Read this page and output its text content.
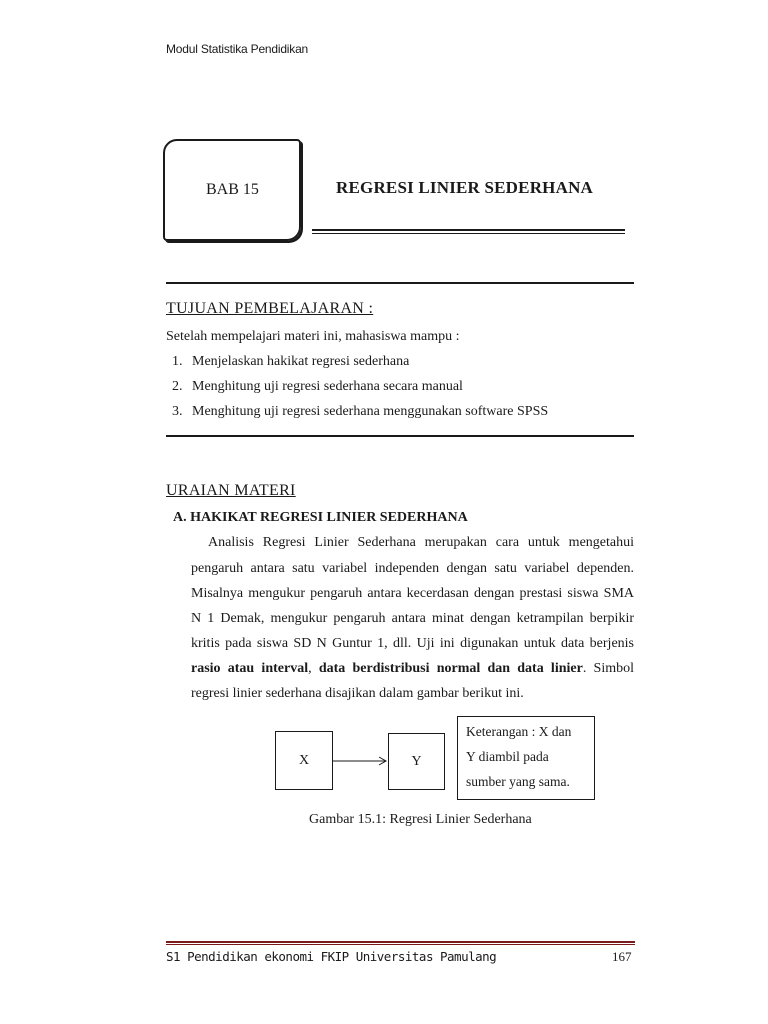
Modul Statistika Pendidikan
BAB 15	REGRESI LINIER SEDERHANA
TUJUAN PEMBELAJARAN :
Setelah mempelajari materi ini, mahasiswa mampu :
1. Menjelaskan hakikat regresi sederhana
2. Menghitung uji regresi sederhana secara manual
3. Menghitung uji regresi sederhana menggunakan software SPSS
URAIAN MATERI
A. HAKIKAT REGRESI LINIER SEDERHANA
Analisis Regresi Linier Sederhana merupakan cara untuk mengetahui
pengaruh antara satu variabel independen dengan satu variabel dependen.
Misalnya mengukur pengaruh antara kecerdasan dengan prestasi siswa SMA
N 1 Demak, mengukur pengaruh antara minat dengan ketrampilan berpikir
kritis pada siswa SD N Guntur 1, dll. Uji ini digunakan untuk data berjenis
rasio atau interval, data berdistribusi normal dan data linier. Simbol
regresi linier sederhana disajikan dalam gambar berikut ini.
X	Y
Keterangan : X dan
Y diambil pada
sumber yang sama.
Gambar 15.1: Regresi Linier Sederhana
S1 Pendidikan ekonomi FKIP Universitas Pamulang	167
